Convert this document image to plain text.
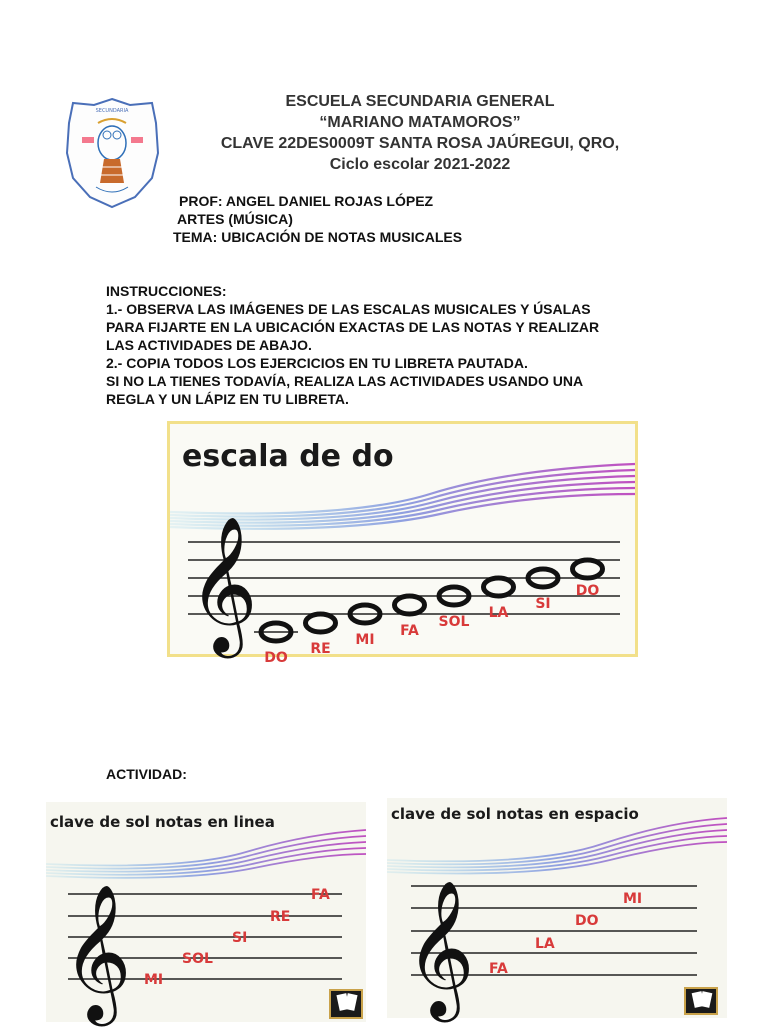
SECUNDARIA
ESCUELA SECUNDARIA GENERAL
“MARIANO MATAMOROS”
CLAVE 22DES0009T SANTA ROSA JAÚREGUI, QRO,
Ciclo escolar 2021-2022
PROF: ANGEL DANIEL ROJAS LÓPEZ
ARTES (MÚSICA)
TEMA: UBICACIÓN DE NOTAS MUSICALES
INSTRUCCIONES:
1.- OBSERVA LAS IMÁGENES DE LAS ESCALAS MUSICALES Y ÚSALAS
PARA FIJARTE EN LA UBICACIÓN EXACTAS DE LAS NOTAS Y REALIZAR
LAS ACTIVIDADES DE ABAJO.
2.- COPIA TODOS LOS EJERCICIOS EN TU LIBRETA PAUTADA.
SI NO LA TIENES TODAVÍA, REALIZA LAS ACTIVIDADES USANDO UNA
REGLA Y UN LÁPIZ EN TU LIBRETA.
escala de do
𝄞
DO
RE
MI
FA
SOL
LA
SI
DO
ACTIVIDAD:
clave de sol notas en linea
𝄞 MI
SOL
SI
RE
FA
clave de sol notas en espacio
𝄞 FA
LA
DO
MI
